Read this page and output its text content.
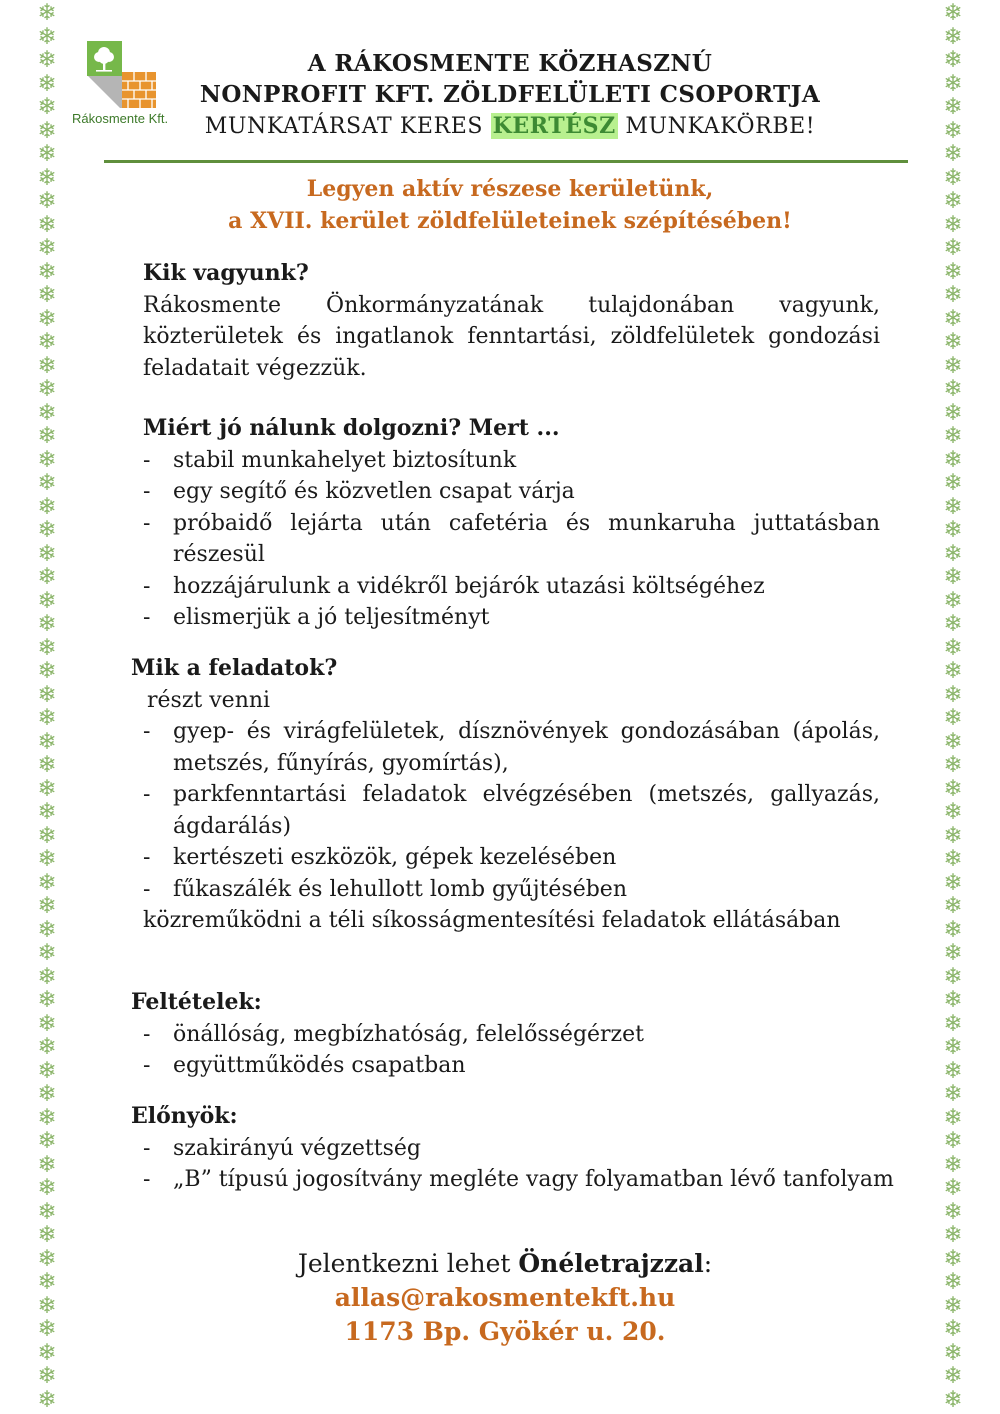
❄
❄
❄
❄
❄
❄
❄
❄
❄
❄
❄
❄
❄
❄
❄
❄
❄
❄
❄
❄
❄
❄
❄
❄
❄
❄
❄
❄
❄
❄
❄
❄
❄
❄
❄
❄
❄
❄
❄
❄
❄
❄
❄
❄
❄
❄
❄
❄
❄
❄
❄
❄
❄
❄
❄
❄
❄
❄
❄
❄
❄
❄
❄
❄
❄
❄
❄
❄
❄
❄
❄
❄
❄
❄
❄
❄
❄
❄
❄
❄
❄
❄
❄
❄
❄
❄
❄
❄
❄
❄
❄
❄
❄
❄
❄
❄
❄
❄
❄
❄
❄
❄
❄
❄
❄
❄
❄
❄
❄
❄
❄
❄
❄
❄
❄
❄
❄
❄
❄
❄
Rákosmente Kft.
A RÁKOSMENTE KÖZHASZNÚ
NONPROFIT KFT. ZÖLDFELÜLETI CSOPORTJA
MUNKATÁRSAT KERES KERTÉSZ MUNKAKÖRBE!
Legyen aktív részese kerületünk,
a XVII. kerület zöldfelületeinek szépítésében!
Kik vagyunk?
Rákosmente Önkormányzatának tulajdonában vagyunk, közterületek és ingatlanok fenntartási, zöldfelületek gondozási feladatait végezzük.
Miért jó nálunk dolgozni? Mert ...
- stabil munkahelyet biztosítunk
- egy segítő és közvetlen csapat várja
- próbaidő lejárta után cafetéria és munkaruha juttatásban részesül
- hozzájárulunk a vidékről bejárók utazási költségéhez
- elismerjük a jó teljesítményt
Mik a feladatok?
részt venni
- gyep- és virágfelületek, dísznövények gondozásában (ápolás, metszés, fűnyírás, gyomírtás),
- parkfenntartási feladatok elvégzésében (metszés, gallyazás, ágdarálás)
- kertészeti eszközök, gépek kezelésében
- fűkaszálék és lehullott lomb gyűjtésében
közreműködni a téli síkosságmentesítési feladatok ellátásában
Feltételek:
- önállóság, megbízhatóság, felelősségérzet
- együttműködés csapatban
Előnyök:
- szakirányú végzettség
- „B” típusú jogosítvány megléte vagy folyamatban lévő tanfolyam
Jelentkezni lehet Önéletrajzzal:
allas@rakosmentekft.hu
1173 Bp. Gyökér u. 20.
